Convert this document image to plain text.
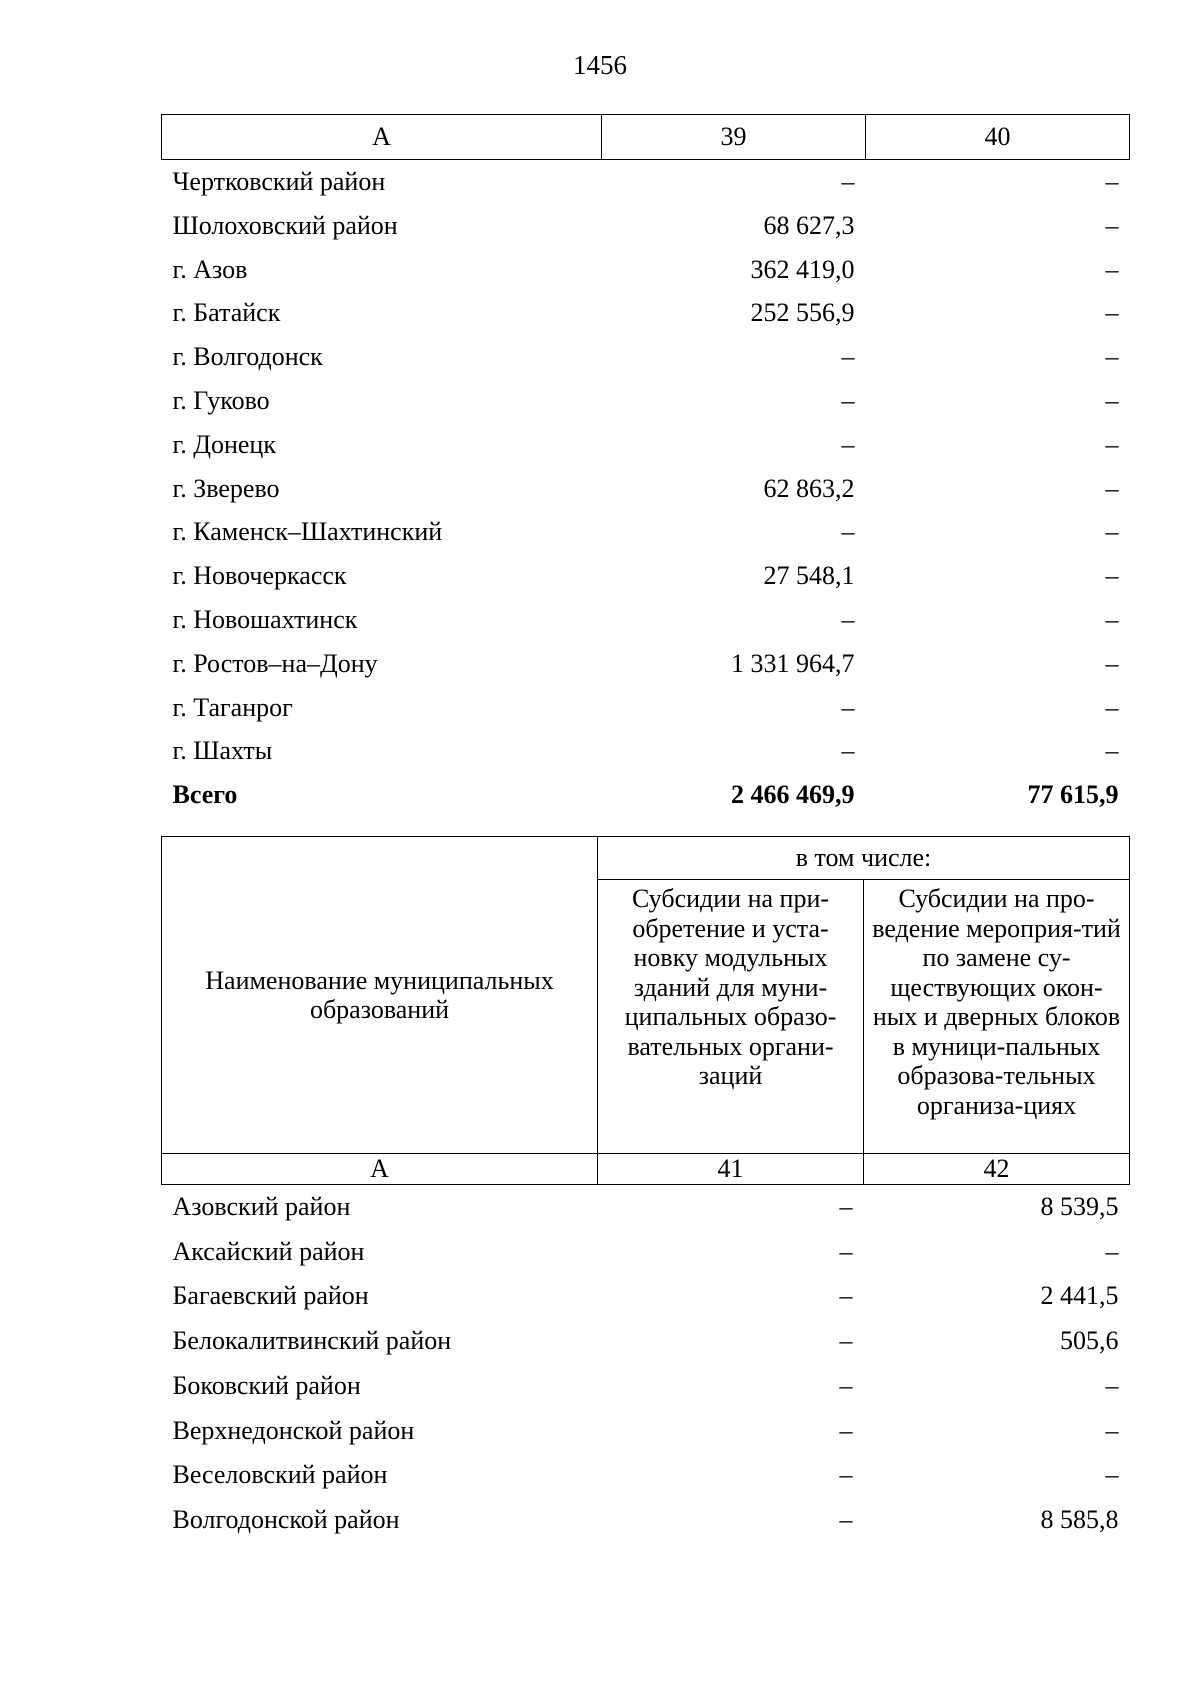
1456
А	39	40
Чертковский район	–	–
Шолоховский район	68 627,3	–
г. Азов	362 419,0	–
г. Батайск	252 556,9	–
г. Волгодонск	–	–
г. Гуково	–	–
г. Донецк	–	–
г. Зверево	62 863,2	–
г. Каменск–Шахтинский	–	–
г. Новочеркасск	27 548,1	–
г. Новошахтинск	–	–
г. Ростов–на–Дону	1 331 964,7	–
г. Таганрог	–	–
г. Шахты	–	–
Всего	2 466 469,9	77 615,9
Наименование муниципальных образований	в том числе:	
	Субсидии на при-обретение и уста-новку модульных зданий для муни-ципальных образо-вательных органи-заций	Субсидии на про-ведение мероприя-тий по замене су-ществующих окон-ных и дверных блоков в муници-пальных образова-тельных организа-циях
А	41	42
Азовский район	–	8 539,5
Аксайский район	–	–
Багаевский район	–	2 441,5
Белокалитвинский район	–	505,6
Боковский район	–	–
Верхнедонской район	–	–
Веселовский район	–	–
Волгодонской район	–	8 585,8
